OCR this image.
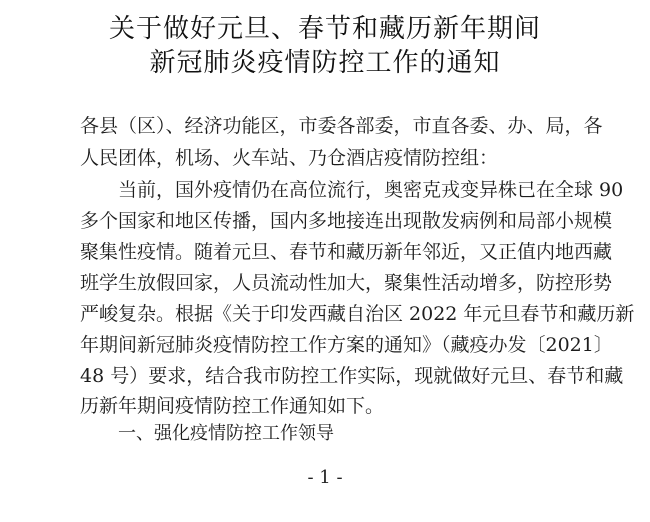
关于做好元旦、春节和藏历新年期间
新冠肺炎疫情防控工作的通知
各县（区）、经济功能区，市委各部委，市直各委、办、局，各
人民团体，机场、火车站、乃仓酒店疫情防控组：
当前，国外疫情仍在高位流行，奥密克戎变异株已在全球 90
多个国家和地区传播，国内多地接连出现散发病例和局部小规模
聚集性疫情。随着元旦、春节和藏历新年邻近，又正值内地西藏
班学生放假回家，人员流动性加大，聚集性活动增多，防控形势
严峻复杂。根据《关于印发西藏自治区 2022 年元旦春节和藏历新
年期间新冠肺炎疫情防控工作方案的通知》（藏疫办发〔2021〕
48 号）要求，结合我市防控工作实际，现就做好元旦、春节和藏
历新年期间疫情防控工作通知如下。
一、强化疫情防控工作领导
- 1 -
